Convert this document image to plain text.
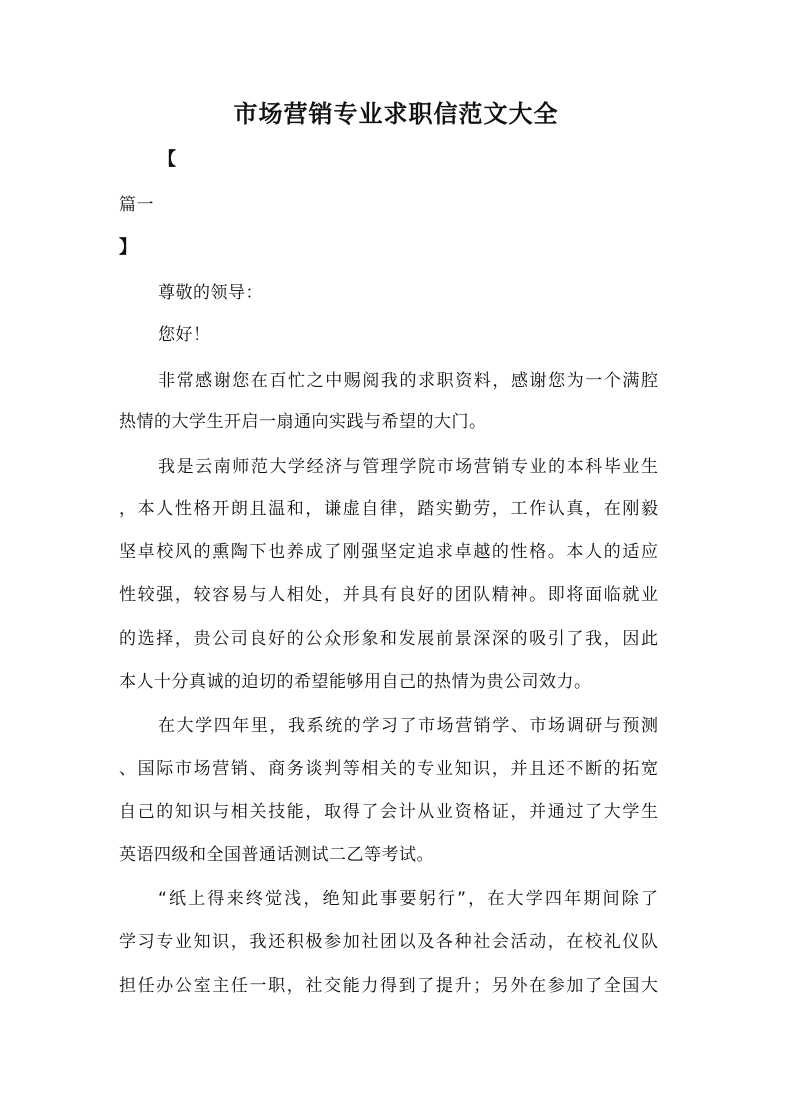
市场营销专业求职信范文大全
【
篇一
】
尊敬的领导：
您好！
非常感谢您在百忙之中赐阅我的求职资料，感谢您为一个满腔
热情的大学生开启一扇通向实践与希望的大门。
我是云南师范大学经济与管理学院市场营销专业的本科毕业生
，本人性格开朗且温和，谦虚自律，踏实勤劳，工作认真，在刚毅
坚卓校风的熏陶下也养成了刚强坚定追求卓越的性格。本人的适应
性较强，较容易与人相处，并具有良好的团队精神。即将面临就业
的选择，贵公司良好的公众形象和发展前景深深的吸引了我，因此
本人十分真诚的迫切的希望能够用自己的热情为贵公司效力。
在大学四年里，我系统的学习了市场营销学、市场调研与预测
、国际市场营销、商务谈判等相关的专业知识，并且还不断的拓宽
自己的知识与相关技能，取得了会计从业资格证，并通过了大学生
英语四级和全国普通话测试二乙等考试。
“纸上得来终觉浅，绝知此事要躬行”，在大学四年期间除了
学习专业知识，我还积极参加社团以及各种社会活动，在校礼仪队
担任办公室主任一职，社交能力得到了提升；另外在参加了全国大
